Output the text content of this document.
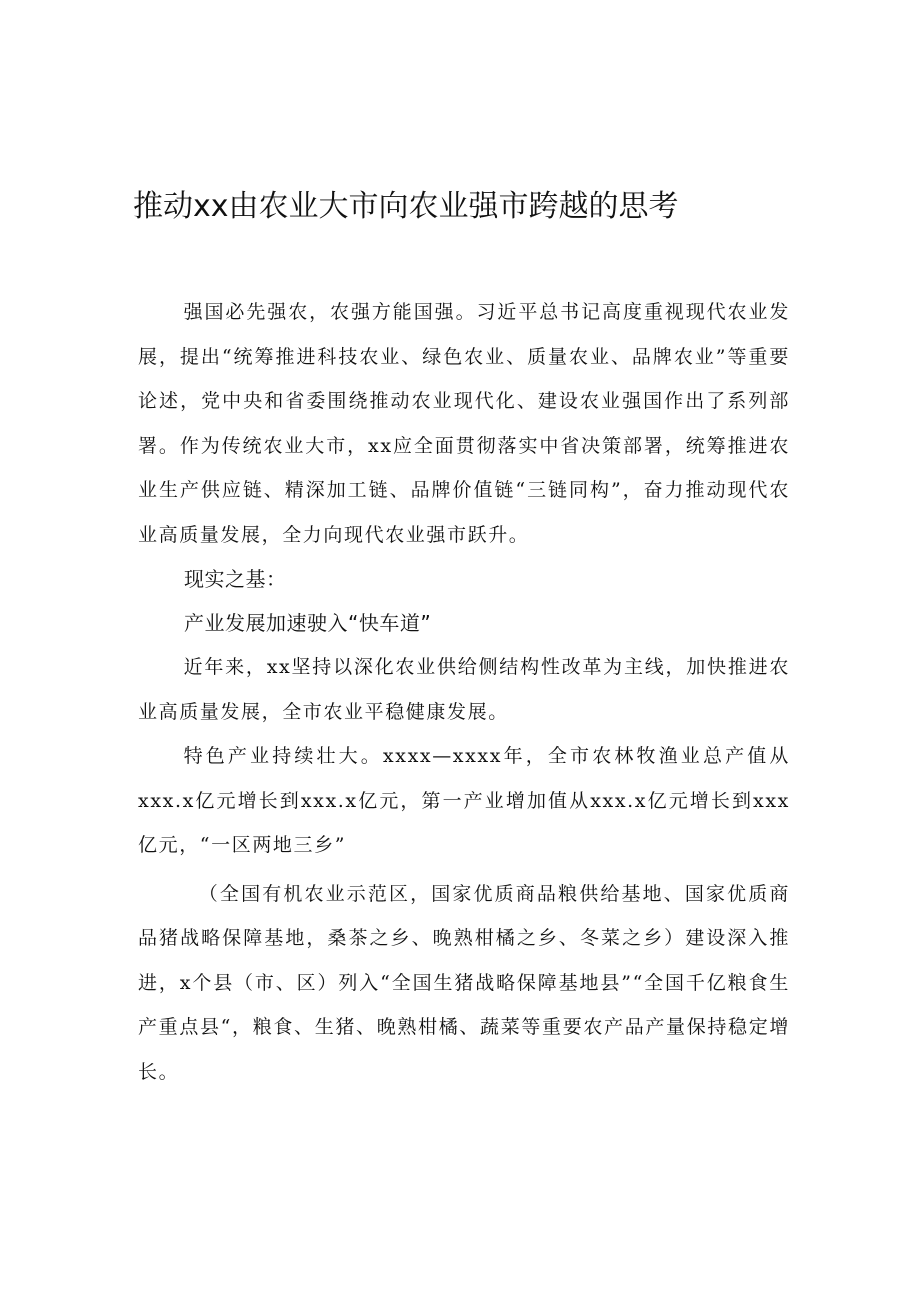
推动xx由农业大市向农业强市跨越的思考

强国必先强农，农强方能国强。习近平总书记高度重视现代农业发展，提出“统筹推进科技农业、绿色农业、质量农业、品牌农业”等重要论述，党中央和省委围绕推动农业现代化、建设农业强国作出了系列部署。作为传统农业大市，xx应全面贯彻落实中省决策部署，统筹推进农业生产供应链、精深加工链、品牌价值链“三链同构”，奋力推动现代农业高质量发展，全力向现代农业强市跃升。

现实之基：

产业发展加速驶入“快车道”

近年来，xx坚持以深化农业供给侧结构性改革为主线，加快推进农业高质量发展，全市农业平稳健康发展。

特色产业持续壮大。xxxx—xxxx年，全市农林牧渔业总产值从xxx.x亿元增长到xxx.x亿元，第一产业增加值从xxx.x亿元增长到xxx亿元，“一区两地三乡”

（全国有机农业示范区，国家优质商品粮供给基地、国家优质商品猪战略保障基地，桑茶之乡、晚熟柑橘之乡、冬菜之乡）建设深入推进，x个县（市、区）列入“全国生猪战略保障基地县”“全国千亿粮食生产重点县“，粮食、生猪、晚熟柑橘、蔬菜等重要农产品产量保持稳定增长。
